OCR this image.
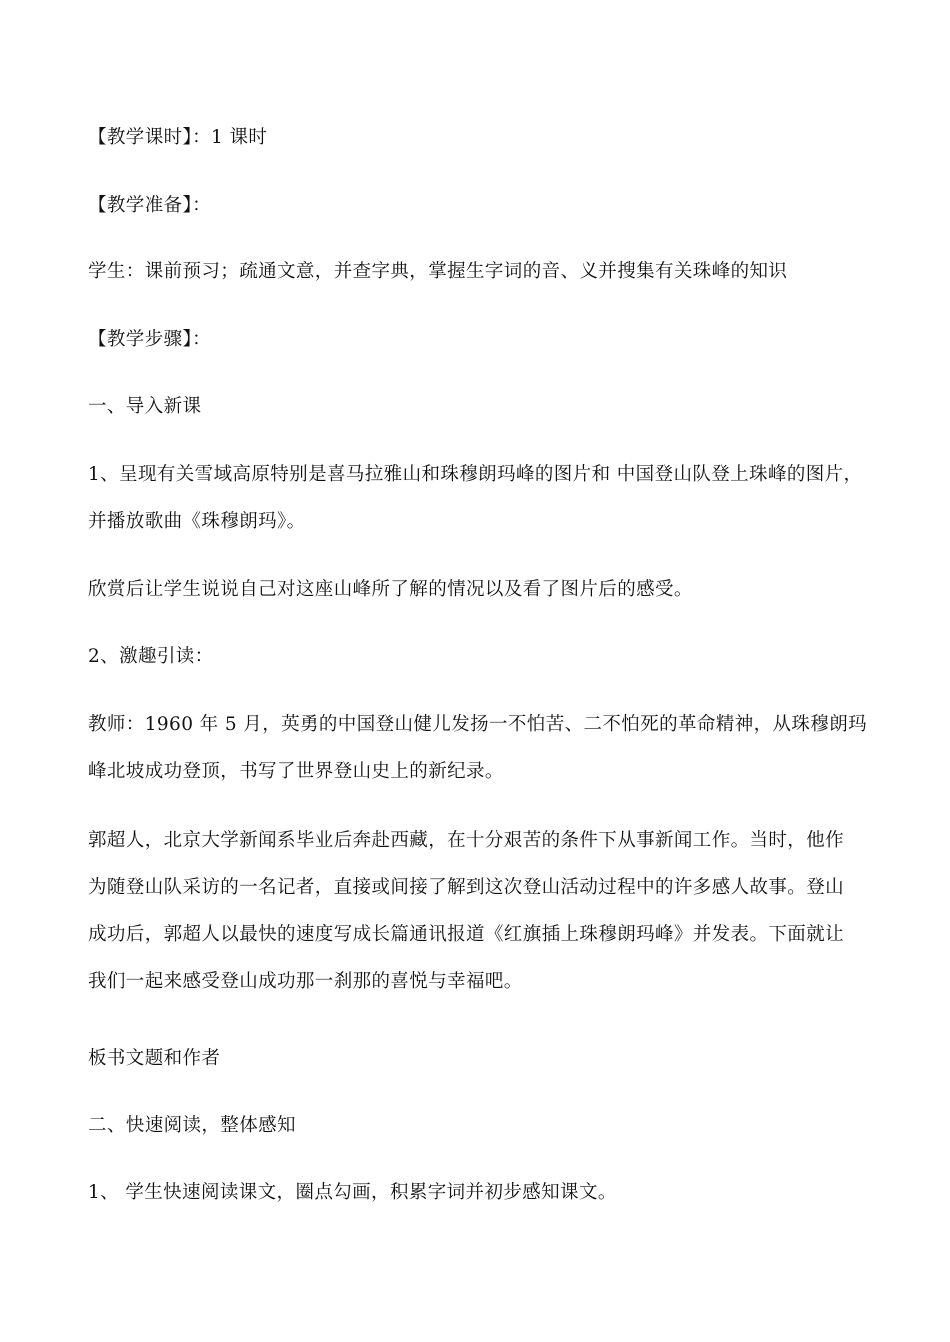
【教学课时】：1 课时

【教学准备】：

学生：课前预习；疏通文意，并查字典，掌握生字词的音、义并搜集有关珠峰的知识

【教学步骤】：

一、导入新课

1、呈现有关雪域高原特别是喜马拉雅山和珠穆朗玛峰的图片和 中国登山队登上珠峰的图片，
并播放歌曲《珠穆朗玛》。

欣赏后让学生说说自己对这座山峰所了解的情况以及看了图片后的感受。

2、激趣引读：

教师：1960 年 5 月，英勇的中国登山健儿发扬一不怕苦、二不怕死的革命精神，从珠穆朗玛
峰北坡成功登顶，书写了世界登山史上的新纪录。

郭超人，北京大学新闻系毕业后奔赴西藏，在十分艰苦的条件下从事新闻工作。当时，他作
为随登山队采访的一名记者，直接或间接了解到这次登山活动过程中的许多感人故事。登山
成功后，郭超人以最快的速度写成长篇通讯报道《红旗插上珠穆朗玛峰》并发表。下面就让
我们一起来感受登山成功那一刹那的喜悦与幸福吧。

板书文题和作者

二、快速阅读，整体感知

1、 学生快速阅读课文，圈点勾画，积累字词并初步感知课文。
